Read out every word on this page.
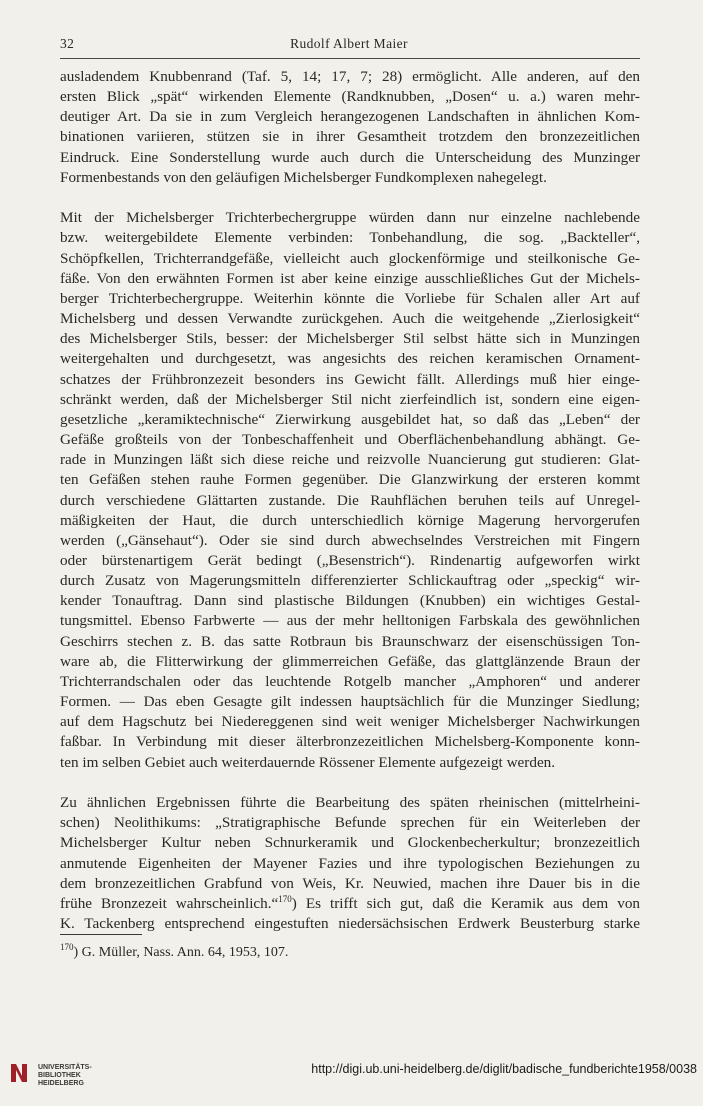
32	Rudolf Albert Maier

ausladendem Knubbenrand (Taf. 5, 14; 17, 7; 28) ermöglicht. Alle anderen, auf den
ersten Blick „spät“ wirkenden Elemente (Randknubben, „Dosen“ u. a.) waren mehr-
deutiger Art. Da sie in zum Vergleich herangezogenen Landschaften in ähnlichen Kom-
binationen variieren, stützen sie in ihrer Gesamtheit trotzdem den bronzezeitlichen
Eindruck. Eine Sonderstellung wurde auch durch die Unterscheidung des Munzinger
Formenbestands von den geläufigen Michelsberger Fundkomplexen nahegelegt.

Mit der Michelsberger Trichterbechergruppe würden dann nur einzelne nachlebende
bzw. weitergebildete Elemente verbinden: Tonbehandlung, die sog. „Backteller“,
Schöpfkellen, Trichterrandgefäße, vielleicht auch glockenförmige und steilkonische Ge-
fäße. Von den erwähnten Formen ist aber keine einzige ausschließliches Gut der Michels-
berger Trichterbechergruppe. Weiterhin könnte die Vorliebe für Schalen aller Art auf
Michelsberg und dessen Verwandte zurückgehen. Auch die weitgehende „Zierlosigkeit“
des Michelsberger Stils, besser: der Michelsberger Stil selbst hätte sich in Munzingen
weitergehalten und durchgesetzt, was angesichts des reichen keramischen Ornament-
schatzes der Frühbronzezeit besonders ins Gewicht fällt. Allerdings muß hier einge-
schränkt werden, daß der Michelsberger Stil nicht zierfeindlich ist, sondern eine eigen-
gesetzliche „keramiktechnische“ Zierwirkung ausgebildet hat, so daß das „Leben“ der
Gefäße großteils von der Tonbeschaffenheit und Oberflächenbehandlung abhängt. Ge-
rade in Munzingen läßt sich diese reiche und reizvolle Nuancierung gut studieren: Glat-
ten Gefäßen stehen rauhe Formen gegenüber. Die Glanzwirkung der ersteren kommt
durch verschiedene Glättarten zustande. Die Rauhflächen beruhen teils auf Unregel-
mäßigkeiten der Haut, die durch unterschiedlich körnige Magerung hervorgerufen
werden („Gänsehaut“). Oder sie sind durch abwechselndes Verstreichen mit Fingern
oder bürstenartigem Gerät bedingt („Besenstrich“). Rindenartig aufgeworfen wirkt
durch Zusatz von Magerungsmitteln differenzierter Schlickauftrag oder „speckig“ wir-
kender Tonauftrag. Dann sind plastische Bildungen (Knubben) ein wichtiges Gestal-
tungsmittel. Ebenso Farbwerte — aus der mehr helltonigen Farbskala des gewöhnlichen
Geschirrs stechen z. B. das satte Rotbraun bis Braunschwarz der eisenschüssigen Ton-
ware ab, die Flitterwirkung der glimmerreichen Gefäße, das glattglänzende Braun der
Trichterrandschalen oder das leuchtende Rotgelb mancher „Amphoren“ und anderer
Formen. — Das eben Gesagte gilt indessen hauptsächlich für die Munzinger Siedlung;
auf dem Hagschutz bei Niedereggenen sind weit weniger Michelsberger Nachwirkungen
faßbar. In Verbindung mit dieser älterbronzezeitlichen Michelsberg-Komponente konn-
ten im selben Gebiet auch weiterdauernde Rössener Elemente aufgezeigt werden.

Zu ähnlichen Ergebnissen führte die Bearbeitung des späten rheinischen (mittelrheini-
schen) Neolithikums: „Stratigraphische Befunde sprechen für ein Weiterleben der
Michelsberger Kultur neben Schnurkeramik und Glockenbecherkultur; bronzezeitlich
anmutende Eigenheiten der Mayener Fazies und ihre typologischen Beziehungen zu
dem bronzezeitlichen Grabfund von Weis, Kr. Neuwied, machen ihre Dauer bis in die
frühe Bronzezeit wahrscheinlich.“$^{170}$) Es trifft sich gut, daß die Keramik aus dem von
K. Tackenberg entsprechend eingestuften niedersächsischen Erdwerk Beusterburg starke

$^{170}$) G. Müller, Nass. Ann. 64, 1953, 107.
UNIVERSITÄTS-
BIBLIOTHEK
HEIDELBERG
http://digi.ub.uni-heidelberg.de/diglit/badische_fundberichte1958/0038
